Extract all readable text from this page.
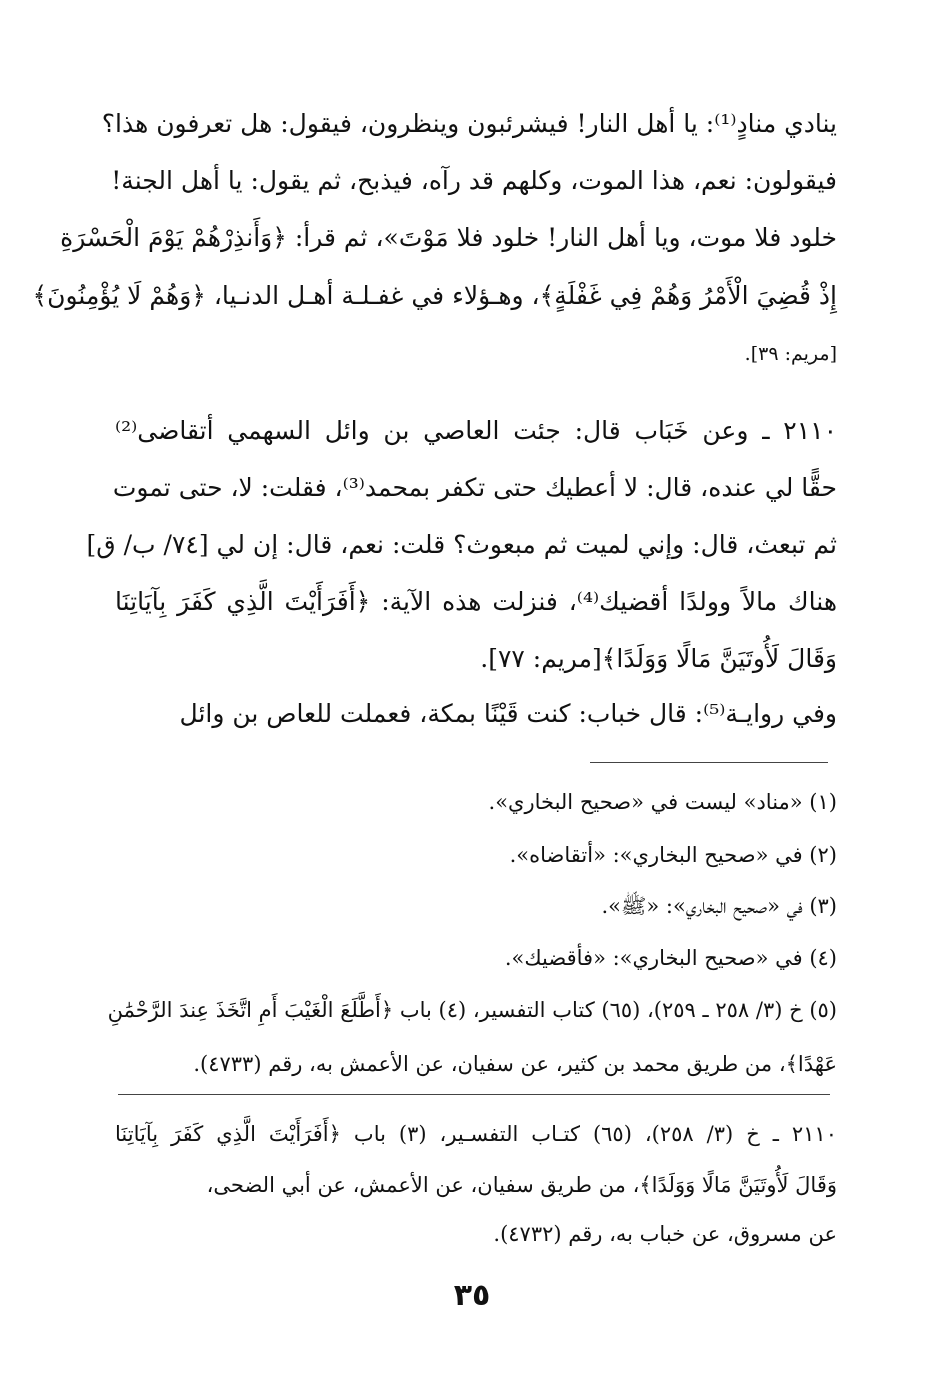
ينادي منادٍ⁽¹⁾: يا أهل النار! فيشرئبون وينظرون، فيقول: هل تعرفون هذا؟
فيقولون: نعم، هذا الموت، وكلهم قد رآه، فيذبح، ثم يقول: يا أهل الجنة!
خلود فلا موت، ويا أهل النار! خلود فلا مَوْتَ»، ثم قرأ: ﴿وَأَنذِرْهُمْ يَوْمَ الْحَسْرَةِ
إِذْ قُضِيَ الْأَمْرُ وَهُمْ فِي غَفْلَةٍ﴾، وهـؤلاء في غفـلـة أهـل الدنـيا، ﴿وَهُمْ لَا يُؤْمِنُونَ﴾
[مريم: ٣٩].
٢١١٠ ـ وعن خَبَاب قال: جئت العاصي بن وائل السهمي أتقاضى⁽²⁾
حقًّا لي عنده، قال: لا أعطيك حتى تكفر بمحمد⁽³⁾، فقلت: لا، حتى تموت
ثم تبعث، قال: وإني لميت ثم مبعوث؟ قلت: نعم، قال: إن لي [٧٤/ ب/ ق]
هناك مالاً وولدًا أقضيك⁽⁴⁾، فنزلت هذه الآية: ﴿أَفَرَأَيْتَ الَّذِي كَفَرَ بِآيَاتِنَا
وَقَالَ لَأُوتَيَنَّ مَالًا وَوَلَدًا﴾[مريم: ٧٧].
وفي روايـة⁽⁵⁾: قال خباب: كنت قَيْنًا بمكة، فعملت للعاص بن وائل
(١) «مناد» ليست في «صحيح البخاري».
(٢) في «صحيح البخاري»: «أتقاضاه».
(٣) في «صحيح البخاري»: «ﷺ».
(٤) في «صحيح البخاري»: «فأقضيك».
(٥) خ (٣/ ٢٥٨ ـ ٢٥٩)، (٦٥) كتاب التفسير، (٤) باب ﴿أَطَّلَعَ الْغَيْبَ أَمِ اتَّخَذَ عِندَ الرَّحْمَٰنِ
عَهْدًا﴾، من طريق محمد بن كثير، عن سفيان، عن الأعمش به، رقم (٤٧٣٣).
٢١١٠ ـ خ (٣/ ٢٥٨)، (٦٥) كتـاب التفسـير، (٣) باب ﴿أَفَرَأَيْتَ الَّذِي كَفَرَ بِآيَاتِنَا
وَقَالَ لَأُوتَيَنَّ مَالًا وَوَلَدًا﴾، من طريق سفيان، عن الأعمش، عن أبي الضحى،
عن مسروق، عن خباب به، رقم (٤٧٣٢).
٣٥
